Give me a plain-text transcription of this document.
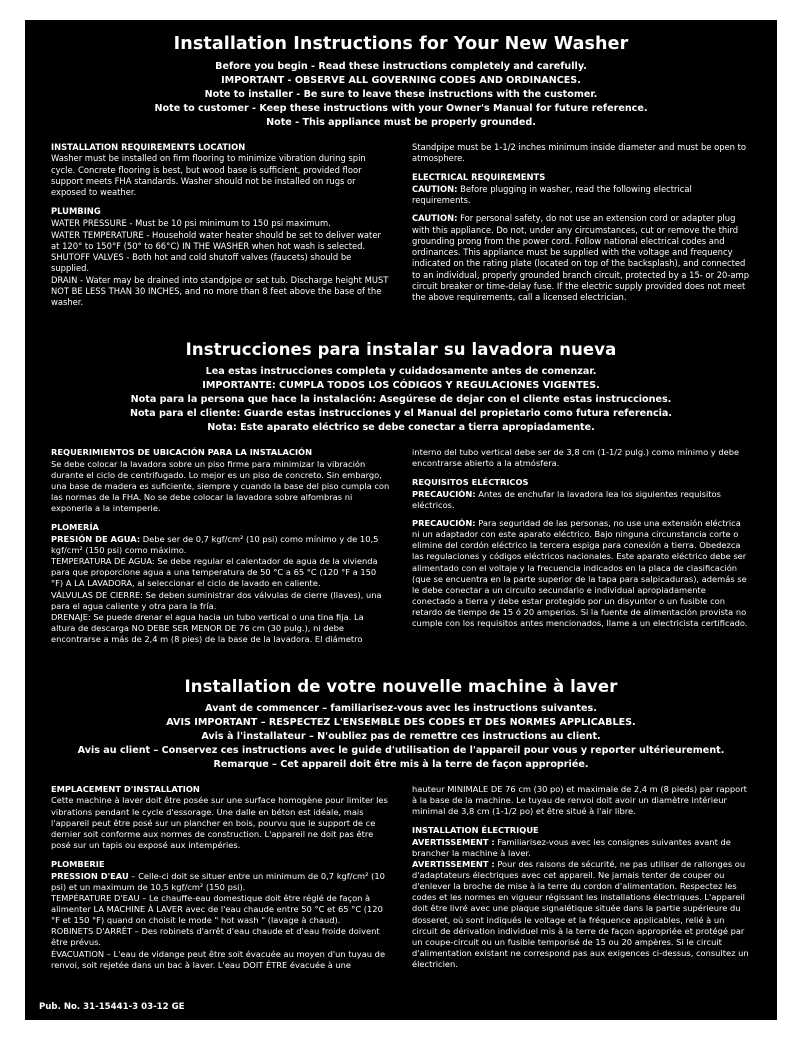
Installation Instructions for Your New Washer
Before you begin - Read these instructions completely and carefully.
IMPORTANT - OBSERVE ALL GOVERNING CODES AND ORDINANCES.
Note to installer - Be sure to leave these instructions with the customer.
Note to customer - Keep these instructions with your Owner's Manual for future reference.
Note - This appliance must be properly grounded.
INSTALLATION REQUIREMENTS LOCATION

Washer must be installed on firm flooring to minimize vibration during spin cycle. Concrete flooring is best, but wood base is sufficient, provided floor support meets FHA standards. Washer should not be installed on rugs or exposed to weather.

PLUMBING

WATER PRESSURE - Must be 10 psi minimum to 150 psi maximum.

WATER TEMPERATURE - Household water heater should be set to deliver water at 120° to 150°F (50° to 66°C) IN THE WASHER when hot wash is selected.

SHUTOFF VALVES - Both hot and cold shutoff valves (faucets) should be supplied.

DRAIN - Water may be drained into standpipe or set tub. Discharge height MUST NOT BE LESS THAN 30 INCHES, and no more than 8 feet above the base of the washer.

Standpipe must be 1-1/2 inches minimum inside diameter and must be open to atmosphere.

ELECTRICAL REQUIREMENTS

CAUTION: Before plugging in washer, read the following electrical requirements.

CAUTION: For personal safety, do not use an extension cord or adapter plug with this appliance. Do not, under any circumstances, cut or remove the third grounding prong from the power cord. Follow national electrical codes and ordinances. This appliance must be supplied with the voltage and frequency indicated on the rating plate (located on top of the backsplash), and connected to an individual, properly grounded branch circuit, protected by a 15- or 20-amp circuit breaker or time-delay fuse. If the electric supply provided does not meet the above requirements, call a licensed electrician.

Instrucciones para instalar su lavadora nueva
Lea estas instrucciones completa y cuidadosamente antes de comenzar.
IMPORTANTE: CUMPLA TODOS LOS CÓDIGOS Y REGULACIONES VIGENTES.
Nota para la persona que hace la instalación: Asegúrese de dejar con el cliente estas instrucciones.
Nota para el cliente: Guarde estas instrucciones y el Manual del propietario como futura referencia.
Nota: Este aparato eléctrico se debe conectar a tierra apropiadamente.
REQUERIMIENTOS DE UBICACIÓN PARA LA INSTALACIÓN

Se debe colocar la lavadora sobre un piso firme para minimizar la vibración durante el ciclo de centrifugado. Lo mejor es un piso de concreto. Sin embargo, una base de madera es suficiente, siempre y cuando la base del piso cumpla con las normas de la FHA. No se debe colocar la lavadora sobre alfombras ni exponerla a la intemperie.

PLOMERÍA

PRESIÓN DE AGUA: Debe ser de 0,7 kgf/cm² (10 psi) como mínimo y de 10,5 kgf/cm² (150 psi) como máximo.

TEMPERATURA DE AGUA: Se debe regular el calentador de agua de la vivienda para que proporcione agua a una temperatura de 50 °C a 65 °C (120 °F a 150 °F) A LA LAVADORA, al seleccionar el ciclo de lavado en caliente.

VÁLVULAS DE CIERRE: Se deben suministrar dos válvulas de cierre (llaves), una para el agua caliente y otra para la fría.

DRENAJE: Se puede drenar el agua hacia un tubo vertical o una tina fija. La altura de descarga NO DEBE SER MENOR DE 76 cm (30 pulg.), ni debe encontrarse a más de 2,4 m (8 pies) de la base de la lavadora. El diámetro

interno del tubo vertical debe ser de 3,8 cm (1-1/2 pulg.) como mínimo y debe encontrarse abierto a la atmósfera.

REQUISITOS ELÉCTRICOS

PRECAUCIÓN: Antes de enchufar la lavadora lea los siguientes requisitos eléctricos.

PRECAUCIÓN: Para seguridad de las personas, no use una extensión eléctrica ni un adaptador con este aparato eléctrico. Bajo ninguna circunstancia corte o elimine del cordón eléctrico la tercera espiga para conexión a tierra. Obedezca las regulaciones y códigos eléctricos nacionales. Este aparato eléctrico debe ser alimentado con el voltaje y la frecuencia indicados en la placa de clasificación (que se encuentra en la parte superior de la tapa para salpicaduras), además se le debe conectar a un circuito secundario e individual apropiadamente conectado a tierra y debe estar protegido por un disyuntor o un fusible con retardo de tiempo de 15 ó 20 amperios. Si la fuente de alimentación provista no cumple con los requisitos antes mencionados, llame a un electricista certificado.

Installation de votre nouvelle machine à laver
Avant de commencer – familiarisez-vous avec les instructions suivantes.
AVIS IMPORTANT – RESPECTEZ L'ENSEMBLE DES CODES ET DES NORMES APPLICABLES.
Avis à l'installateur – N'oubliez pas de remettre ces instructions au client.
Avis au client – Conservez ces instructions avec le guide d'utilisation de l'appareil pour vous y reporter ultérieurement.
Remarque – Cet appareil doit être mis à la terre de façon appropriée.
EMPLACEMENT D'INSTALLATION

Cette machine à laver doit être posée sur une surface homogène pour limiter les vibrations pendant le cycle d'essorage. Une dalle en béton est idéale, mais l'appareil peut être posé sur un plancher en bois, pourvu que le support de ce dernier soit conforme aux normes de construction. L'appareil ne doit pas être posé sur un tapis ou exposé aux intempéries.

PLOMBERIE

PRESSION D'EAU – Celle-ci doit se situer entre un minimum de 0,7 kgf/cm² (10 psi) et un maximum de 10,5 kgf/cm² (150 psi).

TEMPÉRATURE D'EAU – Le chauffe-eau domestique doit être réglé de façon à alimenter LA MACHINE À LAVER avec de l'eau chaude entre 50 °C et 65 °C (120 °F et 150 °F) quand on choisit le mode " hot wash " (lavage à chaud).

ROBINETS D'ARRÊT – Des robinets d'arrêt d'eau chaude et d'eau froide doivent être prévus.

ÉVACUATION – L'eau de vidange peut être soit évacuée au moyen d'un tuyau de renvoi, soit rejetée dans un bac à laver. L'eau DOIT ÊTRE évacuée à une

hauteur MINIMALE DE 76 cm (30 po) et maximale de 2,4 m (8 pieds) par rapport à la base de la machine. Le tuyau de renvoi doit avoir un diamètre intérieur minimal de 3,8 cm (1-1/2 po) et être situé à l'air libre.

INSTALLATION ÉLECTRIQUE

AVERTISSEMENT : Familiarisez-vous avec les consignes suivantes avant de brancher la machine à laver.

AVERTISSEMENT : Pour des raisons de sécurité, ne pas utiliser de rallonges ou d'adaptateurs électriques avec cet appareil. Ne jamais tenter de couper ou d'enlever la broche de mise à la terre du cordon d'alimentation. Respectez les codes et les normes en vigueur régissant les installations électriques. L'appareil doit être livré avec une plaque signalétique située dans la partie supérieure du dosseret, où sont indiqués le voltage et la fréquence applicables, relié à un circuit de dérivation individuel mis à la terre de façon appropriée et protégé par un coupe-circuit ou un fusible temporisé de 15 ou 20 ampères. Si le circuit d'alimentation existant ne correspond pas aux exigences ci-dessus, consultez un électricien.

Pub. No. 31-15441-3 03-12 GE
